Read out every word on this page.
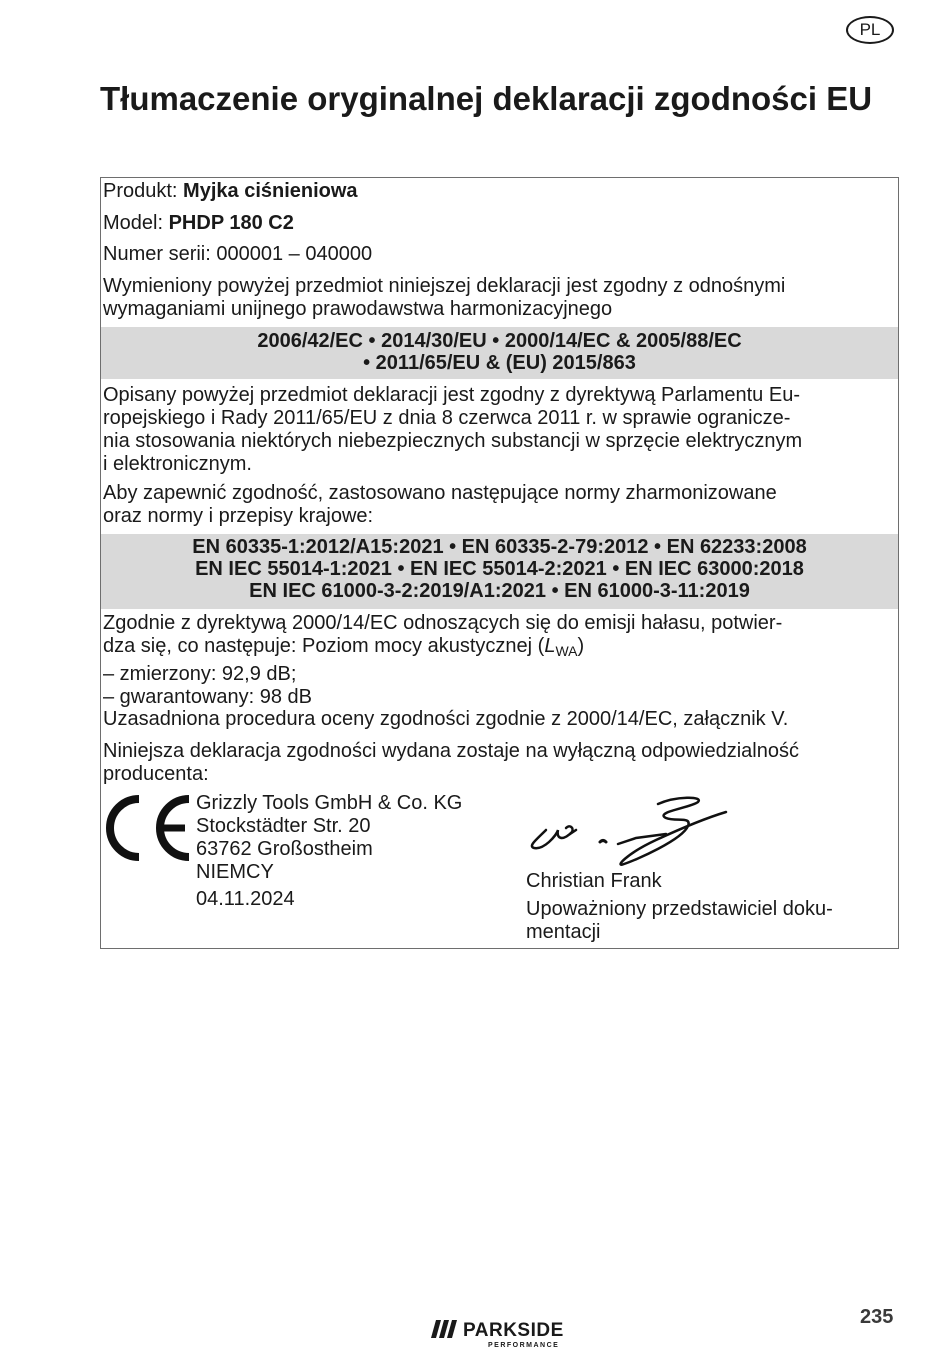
PL
Tłumaczenie oryginalnej deklaracji zgodności EU
Produkt: Myjka ciśnieniowa
Model: PHDP 180 C2
Numer serii: 000001 – 040000
Wymieniony powyżej przedmiot niniejszej deklaracji jest zgodny z odnośnymi
wymaganiami unijnego prawodawstwa harmonizacyjnego
2006/42/EC • 2014/30/EU • 2000/14/EC & 2005/88/EC
• 2011/65/EU & (EU) 2015/863
Opisany powyżej przedmiot deklaracji jest zgodny z dyrektywą Parlamentu Eu-
ropejskiego i Rady 2011/65/EU z dnia 8 czerwca 2011 r. w sprawie ogranicze-
nia stosowania niektórych niebezpiecznych substancji w sprzęcie elektrycznym
i elektronicznym.
Aby zapewnić zgodność, zastosowano następujące normy zharmonizowane
oraz normy i przepisy krajowe:
EN 60335-1:2012/A15:2021 • EN 60335-2-79:2012 • EN 62233:2008
EN IEC 55014-1:2021 • EN IEC 55014-2:2021 • EN IEC 63000:2018
EN IEC 61000-3-2:2019/A1:2021 • EN 61000-3-11:2019
Zgodnie z dyrektywą 2000/14/EC odnoszących się do emisji hałasu, potwier-
dza się, co następuje: Poziom mocy akustycznej $(L_{WA})$
– zmierzony: 92,9 dB;
– gwarantowany: 98 dB
Uzasadniona procedura oceny zgodności zgodnie z 2000/14/EC, załącznik V.
Niniejsza deklaracja zgodności wydana zostaje na wyłączną odpowiedzialność
producenta:
Grizzly Tools GmbH & Co. KG
Stockstädter Str. 20
63762 Großostheim
NIEMCY
04.11.2024
Christian Frank
Upoważniony przedstawiciel doku-
mentacji
PARKSIDE
PERFORMANCE
235
